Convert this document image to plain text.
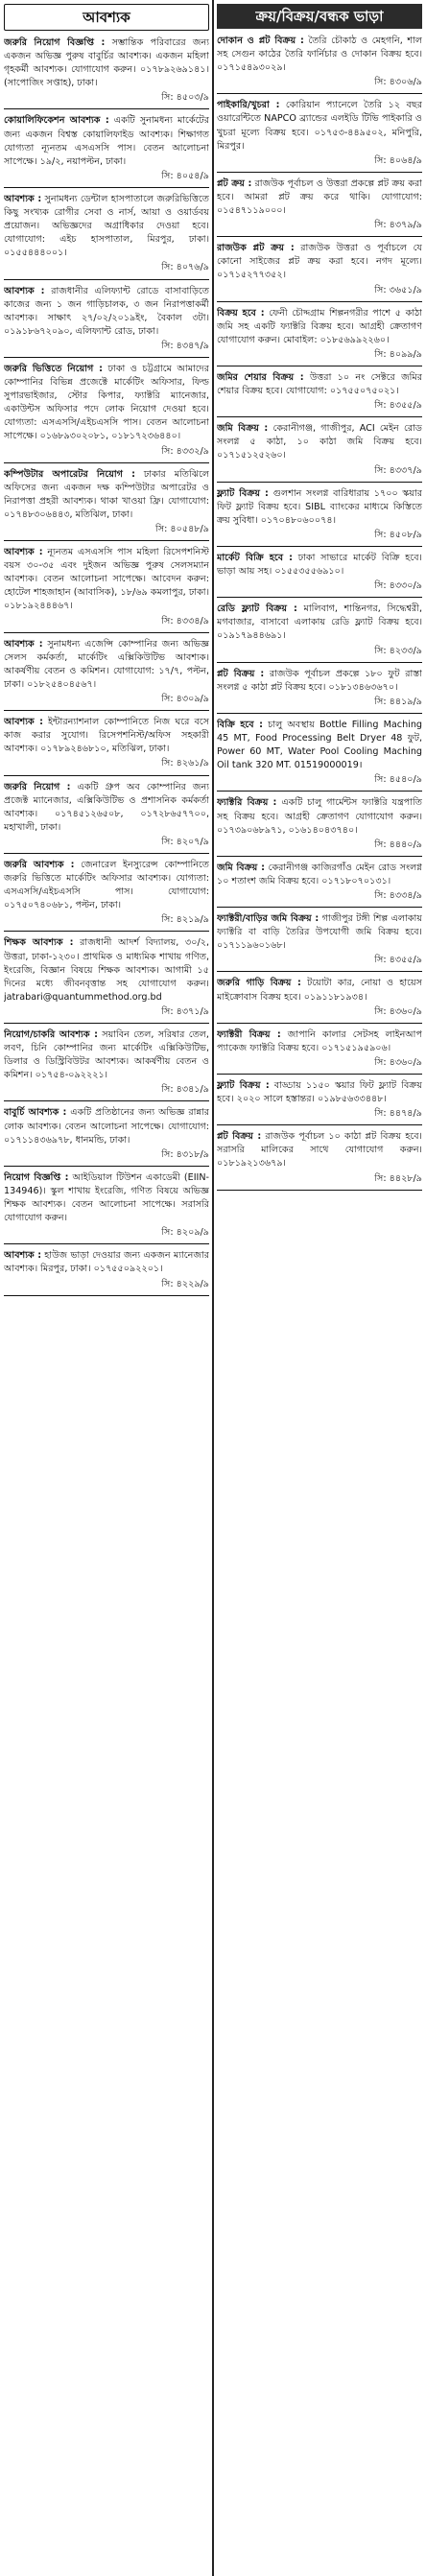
আবশ্যক
জরুরি নিয়োগ বিজ্ঞপ্তি : সম্ভান্তিক পরিবারের জন্য একজন অভিজ্ঞ পুরুষ বাবুর্চির আবশ্যক। একজন মহিলা গৃহকর্মী আবশ্যক। যোগাযোগ করুন। ০১৭৮৯২৬৯১৪১। (সাপোজিং সপ্তাহ), ঢাকা।
সি: ৪৫০৩/৯
কোয়ালিফিকেশন আবশ্যক : একটি সুনামধন্য মার্কেটের জন্য একজন বিশ্বস্ত কোয়ালিফাইড আবশ্যক। শিক্ষাগত যোগ্যতা ন্যূনতম এসএসসি পাস। বেতন আলোচনা সাপেক্ষে। ১৯/২, নয়াপল্টন, ঢাকা।
সি: ৪০৫৪/৯
আবশ্যক : সুনামধন্য ডেন্টাল হাসপাতালে জরুরিভিত্তিতে কিছু সংখ্যক রোগীর সেবা ও নার্স, আয়া ও ওয়ার্ডবয় প্রয়োজন। অভিজ্ঞদের অগ্রাধিকার দেওয়া হবে। যোগাযোগ: এইচ হাসপাতাল, মিরপুর, ঢাকা। ০১৫৫৪৪৪০০১।
সি: ৪০৭৬/৯
আবশ্যক : রাজধানীর এলিফ্যান্ট রোডে বাসাবাড়িতে কাজের জন্য ১ জন গাড়িচালক, ৩ জন নিরাপত্তাকর্মী আবশ্যক। সাক্ষাৎ ২৭/০২/২০১৯ইং, বৈকাল ৩টা। ০১৯১৮৬৭২০৯০, এলিফ্যান্ট রোড, ঢাকা।
সি: ৪৩৪৭/৯
জরুরি ভিত্তিতে নিয়োগ : ঢাকা ও চট্টগ্রামে আমাদের কোম্পানির বিভিন্ন প্রজেক্টে মার্কেটিং অফিসার, ফিল্ড সুপারভাইজার, স্টোর কিপার, ফ্যাক্টরি ম্যানেজার, একাউন্টস অফিসার পদে লোক নিয়োগ দেওয়া হবে। যোগ্যতা: এসএসসি/এইচএসসি পাস। বেতন আলোচনা সাপেক্ষে। ০১৬৮৯৩০২০৮১, ০১৮১৭২৩৬৪৪০।
সি: ৪৩৩২/৯
কম্পিউটার অপারেটর নিয়োগ : ঢাকার মতিঝিলে অফিসের জন্য একজন দক্ষ কম্পিউটার অপারেটর ও নিরাপত্তা প্রহরী আবশ্যক। থাকা খাওয়া ফ্রি। যোগাযোগ: ০১৭৪৮৩০৬৪৪৩, মতিঝিল, ঢাকা।
সি: ৪০৫৪৮/৯
আবশ্যক : ন্যূনতম এসএসসি পাস মহিলা রিসেপশনিস্ট বয়স ৩০-৩৫ এবং দুইজন অভিজ্ঞ পুরুষ সেলসম্যান আবশ্যক। বেতন আলোচনা সাপেক্ষে। আবেদন করুন: হোটেল শাহজাহান (আবাসিক), ১৮/৬৯ কমলাপুর, ঢাকা। ০১৮১৯২৪৪৪৬৭।
সি: ৪৩৩৪/৯
আবশ্যক : সুনামধন্য এজেন্সি কোম্পানির জন্য অভিজ্ঞ সেলস কর্মকর্তা, মার্কেটিং এক্সিকিউটিভ আবশ্যক। আকর্ষণীয় বেতন ও কমিশন। যোগাযোগ: ১৭/৭, পল্টন, ঢাকা। ০১৮২৫৪০৪৫৬৭।
সি: ৪৩০৯/৯
আবশ্যক : ইন্টারন্যাশনাল কোম্পানিতে নিজ ঘরে বসে কাজ করার সুযোগ। রিসেপশনিস্ট/অফিস সহকারী আবশ্যক। ০১৭৮৯২৪৬৮১০, মতিঝিল, ঢাকা।
সি: ৪২৬১/৯
জরুরি নিয়োগ : একটি গ্রুপ অব কোম্পানির জন্য প্রজেক্ট ম্যানেজার, এক্সিকিউটিভ ও প্রশাসনিক কর্মকর্তা আবশ্যক। ০১৭৪৫১২৬৫০৮, ০১৭২৮৬৫৭৭০০, মহাখালী, ঢাকা।
সি: ৪২০৭/৯
জরুরি আবশ্যক : জেনারেল ইনস্যুরেন্স কোম্পানিতে জরুরি ভিত্তিতে মার্কেটিং অফিসার আবশ্যক। যোগ্যতা: এসএসসি/এইচএসসি পাস। যোগাযোগ: ০১৭৫০৭৪০৬৮১, পল্টন, ঢাকা।
সি: ৪২১৯/৯
শিক্ষক আবশ্যক : রাজধানী আদর্শ বিদ্যালয়, ৩০/২, উত্তরা, ঢাকা-১২৩০। প্রাথমিক ও মাধ্যমিক শাখায় গণিত, ইংরেজি, বিজ্ঞান বিষয়ে শিক্ষক আবশ্যক। আগামী ১৫ দিনের মধ্যে জীবনবৃত্তান্ত সহ যোগাযোগ করুন। jatrabari@quantummethod.org.bd
সি: ৪৩৭১/৯
নিয়োগ/চাকরি আবশ্যক : সয়াবিন তেল, সরিষার তেল, লবণ, চিনি কোম্পানির জন্য মার্কেটিং এক্সিকিউটিভ, ডিলার ও ডিস্ট্রিবিউটর আবশ্যক। আকর্ষণীয় বেতন ও কমিশন। ০১৭৫৪-০৯২২২১।
সি: ৪৩৪১/৯
বাবুর্চি আবশ্যক : একটি প্রতিষ্ঠানের জন্য অভিজ্ঞ রান্নার লোক আবশ্যক। বেতন আলোচনা সাপেক্ষে। যোগাযোগ: ০১৭১১৪৩৬৯৭৮, ধানমন্ডি, ঢাকা।
সি: ৪৩১৮/৯
নিয়োগ বিজ্ঞপ্তি : আইডিয়াল টিউশন একাডেমী (EIIN-134946)। স্কুল শাখায় ইংরেজি, গণিত বিষয়ে অভিজ্ঞ শিক্ষক আবশ্যক। বেতন আলোচনা সাপেক্ষে। সরাসরি যোগাযোগ করুন।
সি: ৪২০৯/৯
আবশ্যক : হাউজ ভাড়া দেওয়ার জন্য একজন ম্যানেজার আবশ্যক। মিরপুর, ঢাকা। ০১৭৫৫০৯২২০১।
সি: ৪২২৯/৯
ক্রয়/বিক্রয়/বন্ধক ভাড়া
দোকান ও প্লট বিক্রয় : তৈরি চৌকাঠ ও মেহগনি, শাল সহ সেগুন কাঠের তৈরি ফার্নিচার ও দোকান বিক্রয় হবে। ০১৭১৫৪৯৩০২৯।
সি: ৪৩০৬/৯
পাইকারি/খুচরা : কোরিয়ান প্যানেলে তৈরি ১২ বছর ওয়ারেন্টিতে NAPCO ব্র্যান্ডের এলইডি টিভি পাইকারি ও খুচরা মূল্যে বিক্রয় হবে। ০১৭৫৩-৪৪৯৫০২, মনিপুরি, মিরপুর।
সি: ৪০৬৪/৯
প্লট ক্রয় : রাজউক পূর্বাচল ও উত্তরা প্রকল্পে প্লট ক্রয় করা হবে। আমরা প্লট ক্রয় করে থাকি। যোগাযোগ: ০১৫৪৭১১৯০০০।
সি: ৪৩৭৯/৯
রাজউক প্লট ক্রয় : রাজউক উত্তরা ও পূর্বাচলে যে কোনো সাইজের প্লট ক্রয় করা হবে। নগদ মূল্যে। ০১৭১৫২৭৭৩৫২।
সি: ৩৬৫১/৯
বিক্রয় হবে : ফেনী চৌদ্দগ্রাম শিল্পনগরীর পাশে ৫ কাঠা জমি সহ একটি ফ্যাক্টরি বিক্রয় হবে। আগ্রহী ক্রেতাগণ যোগাযোগ করুন। মোবাইল: ০১৮৫৬৯৯২২৬০।
সি: ৪০৯৯/৯
জমির শেয়ার বিক্রয় : উত্তরা ১০ নং সেক্টরে জমির শেয়ার বিক্রয় হবে। যোগাযোগ: ০১৭৫৫০৭৫০২১।
সি: ৪৩৫৫/৯
জমি বিক্রয় : কেরানীগঞ্জ, গাজীপুর, ACI মেইন রোড সংলগ্ন ৫ কাঠা, ১০ কাঠা জমি বিক্রয় হবে। ০১৭১৫১২৫২৬০।
সি: ৪৩৩৭/৯
ফ্ল্যাট বিক্রয় : গুলশান সংলগ্ন বারিধারায় ১৭০০ স্কয়ার ফিট ফ্ল্যাট বিক্রয় হবে। SIBL ব্যাংকের মাধ্যমে কিস্তিতে ক্রয় সুবিধা। ০১৭০৪৮০৬০০৭৪।
সি: ৪৫০৮/৯
মার্কেট বিক্রি হবে : ঢাকা সাভারে মার্কেট বিক্রি হবে। ভাড়া আয় সহ। ০১৫৫৩৫৫৬৯১০।
সি: ৪৩৩০/৯
রেডি ফ্ল্যাট বিক্রয় : মালিবাগ, শান্তিনগর, সিদ্ধেশ্বরী, মগবাজার, বাসাবো এলাকায় রেডি ফ্ল্যাট বিক্রয় হবে। ০১৯১৭৯৪৪৬৯১।
সি: ৪২৩৩/৯
প্লট বিক্রয় : রাজউক পূর্বাচল প্রকল্পে ১৮০ ফুট রাস্তা সংলগ্ন ৫ কাঠা প্লট বিক্রয় হবে। ০১৮১৩৪৬৩৬৭০।
সি: ৪৪১৯/৯
বিক্রি হবে : চালু অবস্থায় Bottle Filling Maching 45 MT, Food Processing Belt Dryer 48 ফুট, Power 60 MT, Water Pool Cooling Maching Oil tank 320 MT. 01519000019।
সি: ৪৫৪০/৯
ফ্যাক্টরি বিক্রয় : একটি চালু গার্মেন্টস ফ্যাক্টরি যন্ত্রপাতি সহ বিক্রয় হবে। আগ্রহী ক্রেতাগণ যোগাযোগ করুন। ০১৭৩৯০৬৮৯৭১, ০১৬১৪০৪৩৭৪০।
সি: ৪৪৪০/৯
জমি বিক্রয় : কেরানীগঞ্জ কাজিরগাঁও মেইন রোড সংলগ্ন ১০ শতাংশ জমি বিক্রয় হবে। ০১৭১৮০৭০১৩১।
সি: ৪৩৩৪/৯
ফ্যাক্টরী/বাড়ির জমি বিক্রয় : গাজীপুর টঙ্গী শিল্প এলাকায় ফ্যাক্টরি বা বাড়ি তৈরির উপযোগী জমি বিক্রয় হবে। ০১৭১১৯৬০১৬৮।
সি: ৪৩৫৫/৯
জরুরি গাড়ি বিক্রয় : টয়োটা কার, নোয়া ও হায়েস মাইক্রোবাস বিক্রয় হবে। ০১৯১১৮১৯৩৪।
সি: ৪৩৬০/৯
ফ্যাক্টরী বিক্রয় : জাপানি কালার সেটসহ লাইনআপ প্যাকেজ ফ্যাক্টরি বিক্রয় হবে। ০১৭১৫১৯৫৯০৬।
সি: ৪৩৬০/৯
ফ্ল্যাট বিক্রয় : বাড্ডায় ১১৫০ স্কয়ার ফিট ফ্ল্যাট বিক্রয় হবে। ২০২০ সালে হস্তান্তর। ০১৯৮৫৬৩৩৪৪৮।
সি: ৪৪৭৪/৯
প্লট বিক্রয় : রাজউক পূর্বাচল ১০ কাঠা প্লট বিক্রয় হবে। সরাসরি মালিকের সাথে যোগাযোগ করুন। ০১৮১৯২১৩৬৭৯।
সি: ৪৪২৮/৯
